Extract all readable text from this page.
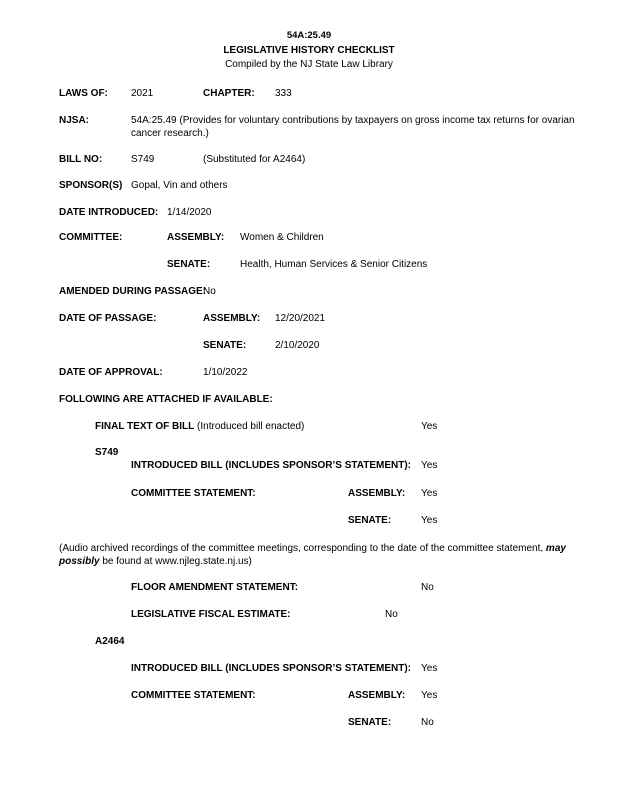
54A:25.49
LEGISLATIVE HISTORY CHECKLIST
Compiled by the NJ State Law Library
LAWS OF: 2021	CHAPTER: 333
NJSA:	54A:25.49 (Provides for voluntary contributions by taxpayers on gross income tax returns for ovarian
cancer research.)
BILL NO:	S749	(Substituted for A2464)
SPONSOR(S) Gopal, Vin and others
DATE INTRODUCED: 1/14/2020
COMMITTEE:	ASSEMBLY: Women & Children
SENATE:	Health, Human Services & Senior Citizens
AMENDED DURING PASSAGE:
No
DATE OF PASSAGE:	ASSEMBLY: 12/20/2021
SENATE:	2/10/2020
DATE OF APPROVAL:	1/10/2022
FOLLOWING ARE ATTACHED IF AVAILABLE:
FINAL TEXT OF BILL (Introduced bill enacted)	Yes
S749
INTRODUCED BILL (INCLUDES SPONSOR’S STATEMENT): Yes
COMMITTEE STATEMENT:	ASSEMBLY: Yes
SENATE:	Yes
(Audio archived recordings of the committee meetings, corresponding to the date of the committee statement, may possibly be found at www.njleg.state.nj.us)
FLOOR AMENDMENT STATEMENT:	No
LEGISLATIVE FISCAL ESTIMATE:	No
A2464
INTRODUCED BILL (INCLUDES SPONSOR’S STATEMENT): Yes
COMMITTEE STATEMENT:	ASSEMBLY: Yes
SENATE:	No
